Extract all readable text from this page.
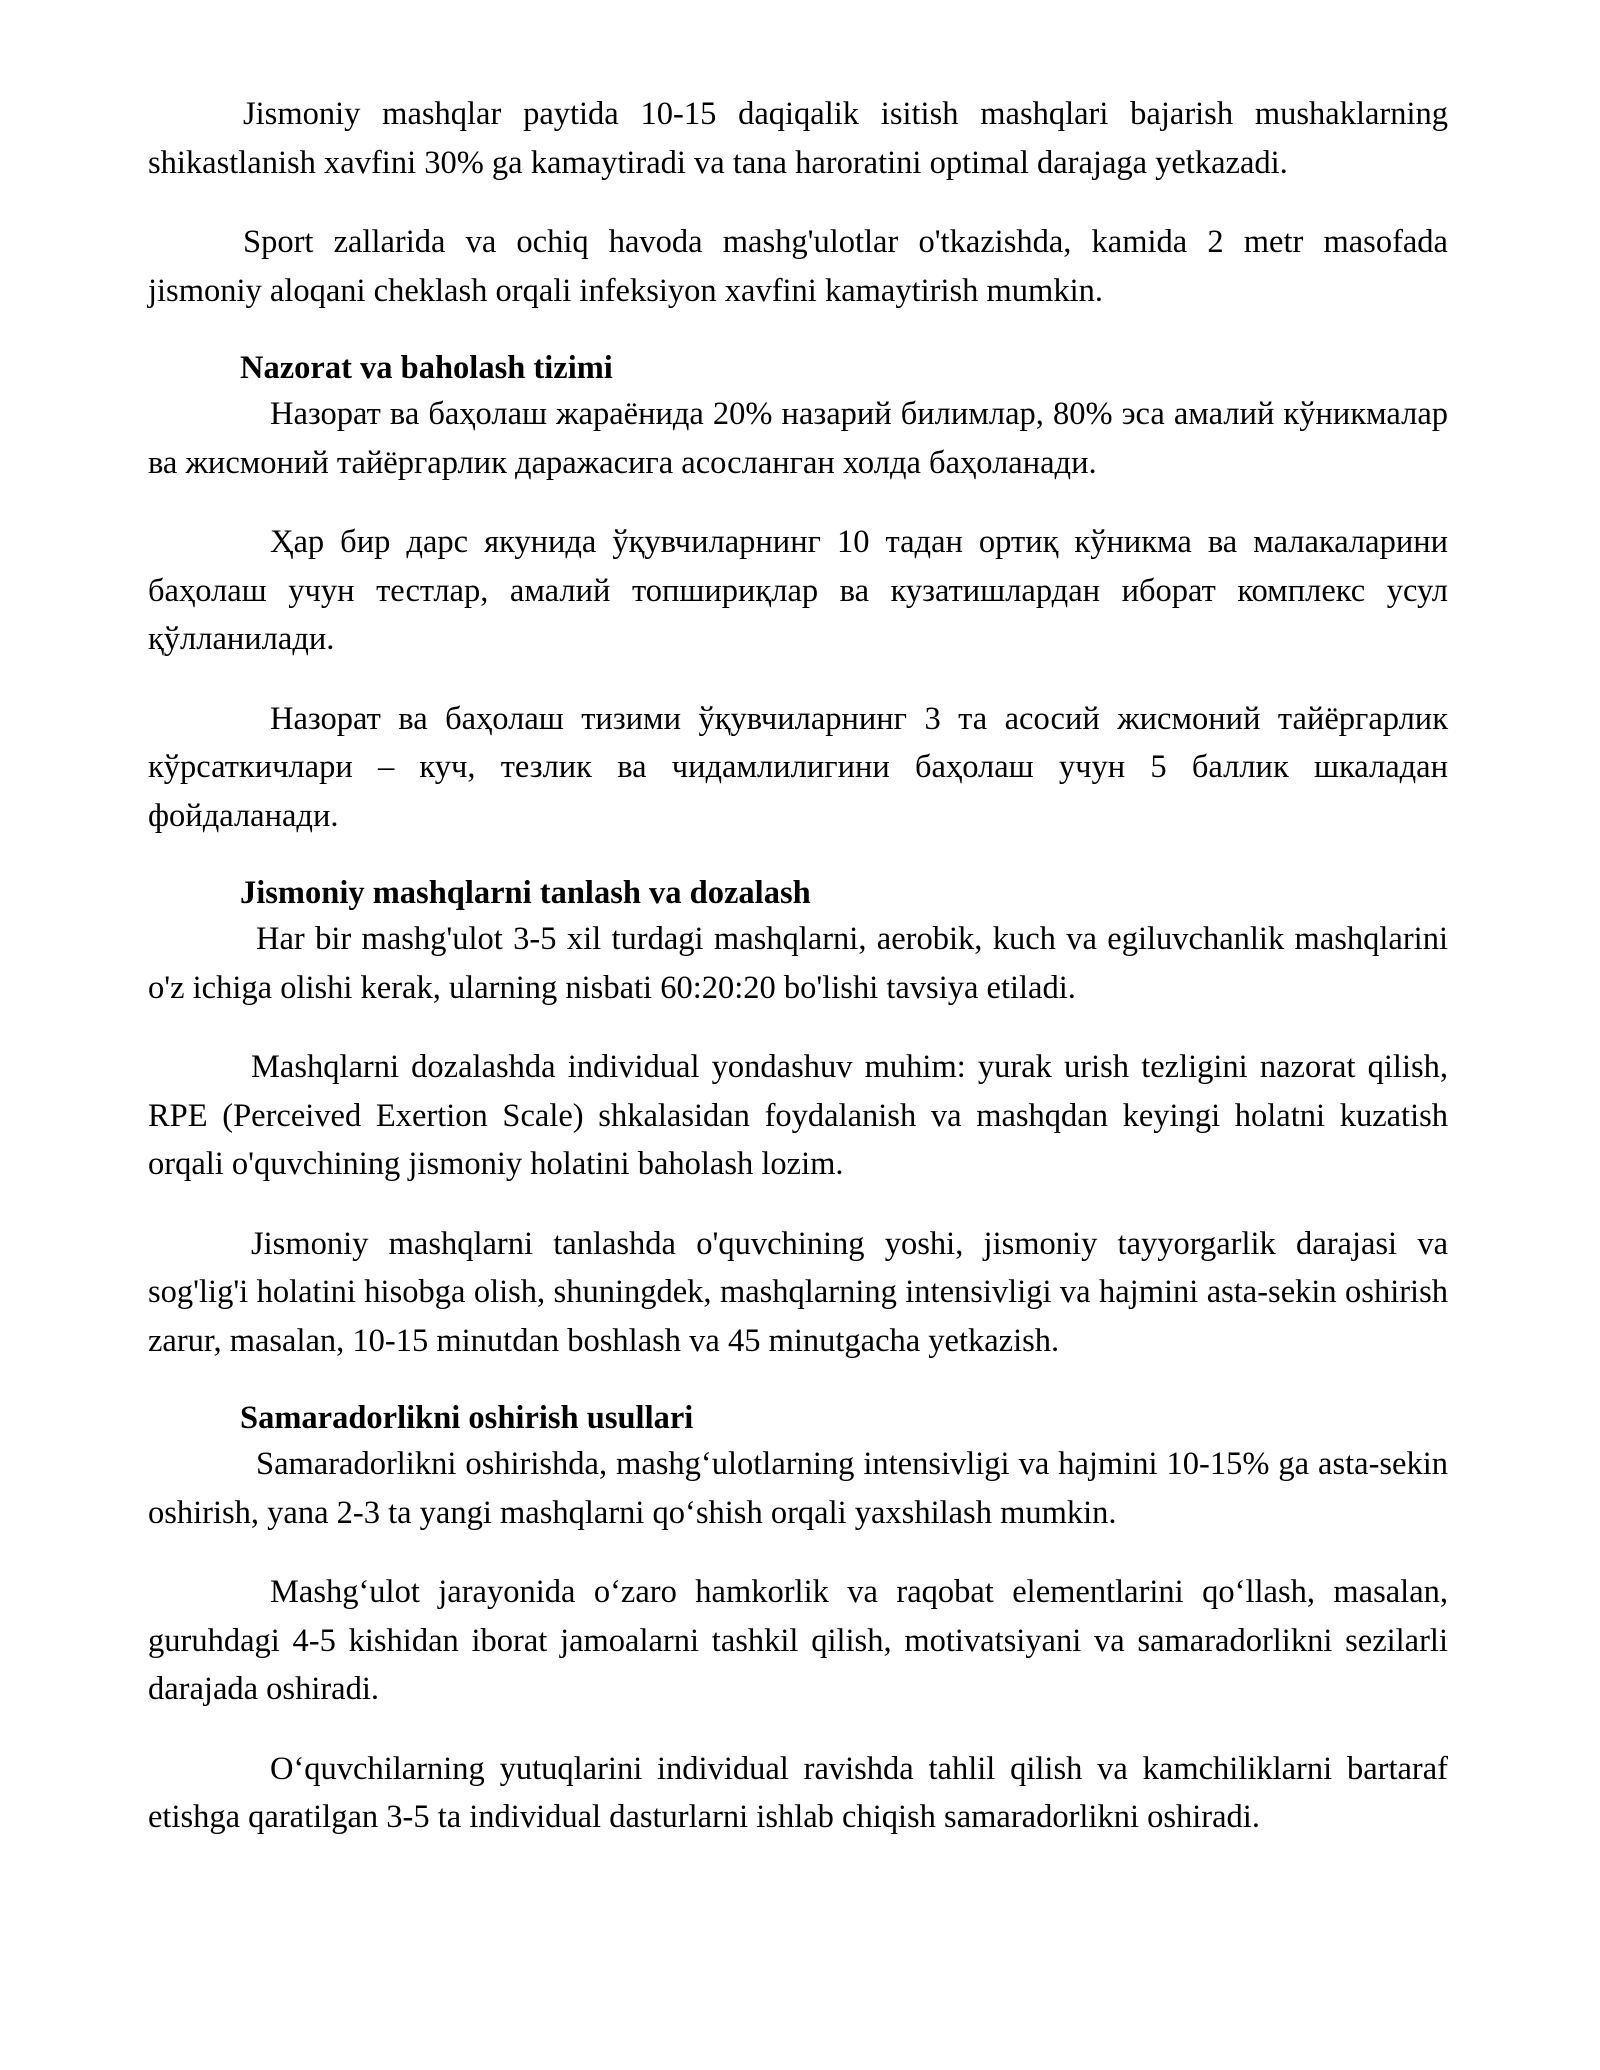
Jismoniy mashqlar paytida 10-15 daqiqalik isitish mashqlari bajarish mushaklarning shikastlanish xavfini 30% ga kamaytiradi va tana haroratini optimal darajaga yetkazadi.

Sport zallarida va ochiq havoda mashg'ulotlar o'tkazishda, kamida 2 metr masofada jismoniy aloqani cheklash orqali infeksiyon xavfini kamaytirish mumkin.

Nazorat va baholash tizimi

Назорат ва баҳолаш жараёнида 20% назарий билимлар, 80% эса амалий кўникмалар ва жисмоний тайёргарлик даражасига асосланган холда баҳоланади.

Ҳар бир дарс якунида ўқувчиларнинг 10 тадан ортиқ кўникма ва малакаларини баҳолаш учун тестлар, амалий топшириқлар ва кузатишлардан иборат комплекс усул қўлланилади.

Назорат ва баҳолаш тизими ўқувчиларнинг 3 та асосий жисмоний тайёргарлик кўрсаткичлари – куч, тезлик ва чидамлилигини баҳолаш учун 5 баллик шкаладан фойдаланади.

Jismoniy mashqlarni tanlash va dozalash

Har bir mashg'ulot 3-5 xil turdagi mashqlarni, aerobik, kuch va egiluvchanlik mashqlarini o'z ichiga olishi kerak, ularning nisbati 60:20:20 bo'lishi tavsiya etiladi.

Mashqlarni dozalashda individual yondashuv muhim: yurak urish tezligini nazorat qilish, RPE (Perceived Exertion Scale) shkalasidan foydalanish va mashqdan keyingi holatni kuzatish orqali o'quvchining jismoniy holatini baholash lozim.

Jismoniy mashqlarni tanlashda o'quvchining yoshi, jismoniy tayyorgarlik darajasi va sog'lig'i holatini hisobga olish, shuningdek, mashqlarning intensivligi va hajmini asta-sekin oshirish zarur, masalan, 10-15 minutdan boshlash va 45 minutgacha yetkazish.

Samaradorlikni oshirish usullari

Samaradorlikni oshirishda, mashg‘ulotlarning intensivligi va hajmini 10-15% ga asta-sekin oshirish, yana 2-3 ta yangi mashqlarni qo‘shish orqali yaxshilash mumkin.

Mashg‘ulot jarayonida o‘zaro hamkorlik va raqobat elementlarini qo‘llash, masalan, guruhdagi 4-5 kishidan iborat jamoalarni tashkil qilish, motivatsiyani va samaradorlikni sezilarli darajada oshiradi.

O‘quvchilarning yutuqlarini individual ravishda tahlil qilish va kamchiliklarni bartaraf etishga qaratilgan 3-5 ta individual dasturlarni ishlab chiqish samaradorlikni oshiradi.
